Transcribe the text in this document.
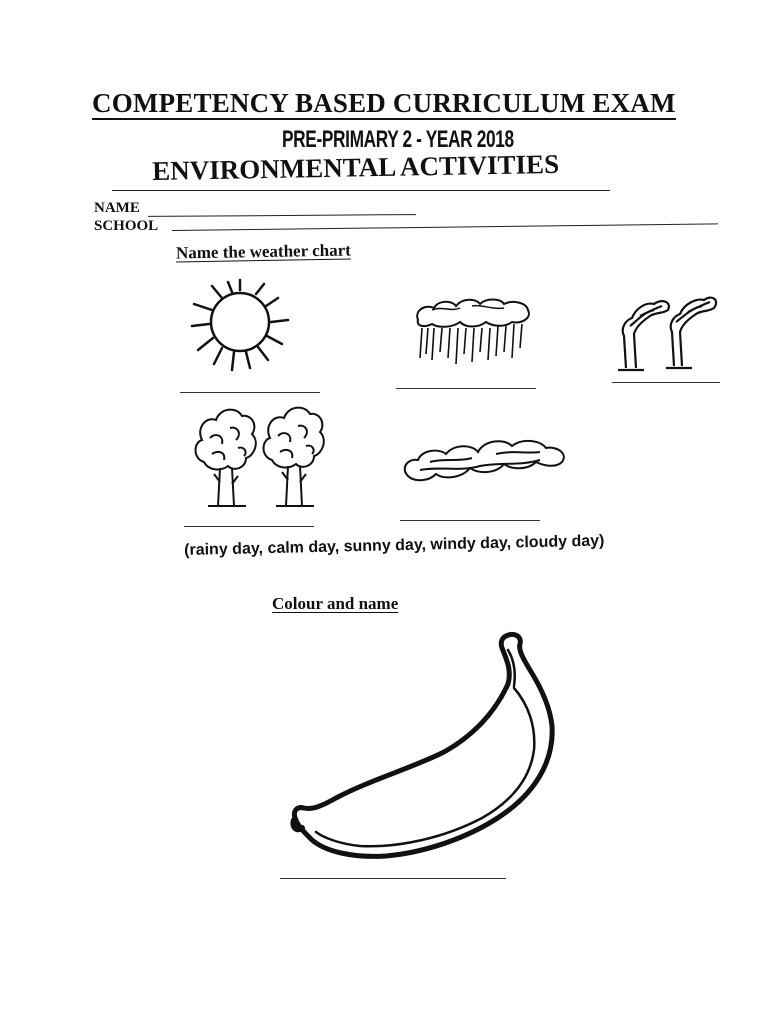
COMPETENCY BASED CURRICULUM EXAM
PRE-PRIMARY 2 - YEAR 2018
ENVIRONMENTAL ACTIVITIES
NAME
SCHOOL
Name the weather chart
(rainy day, calm day, sunny day, windy day, cloudy day)
Colour and name
